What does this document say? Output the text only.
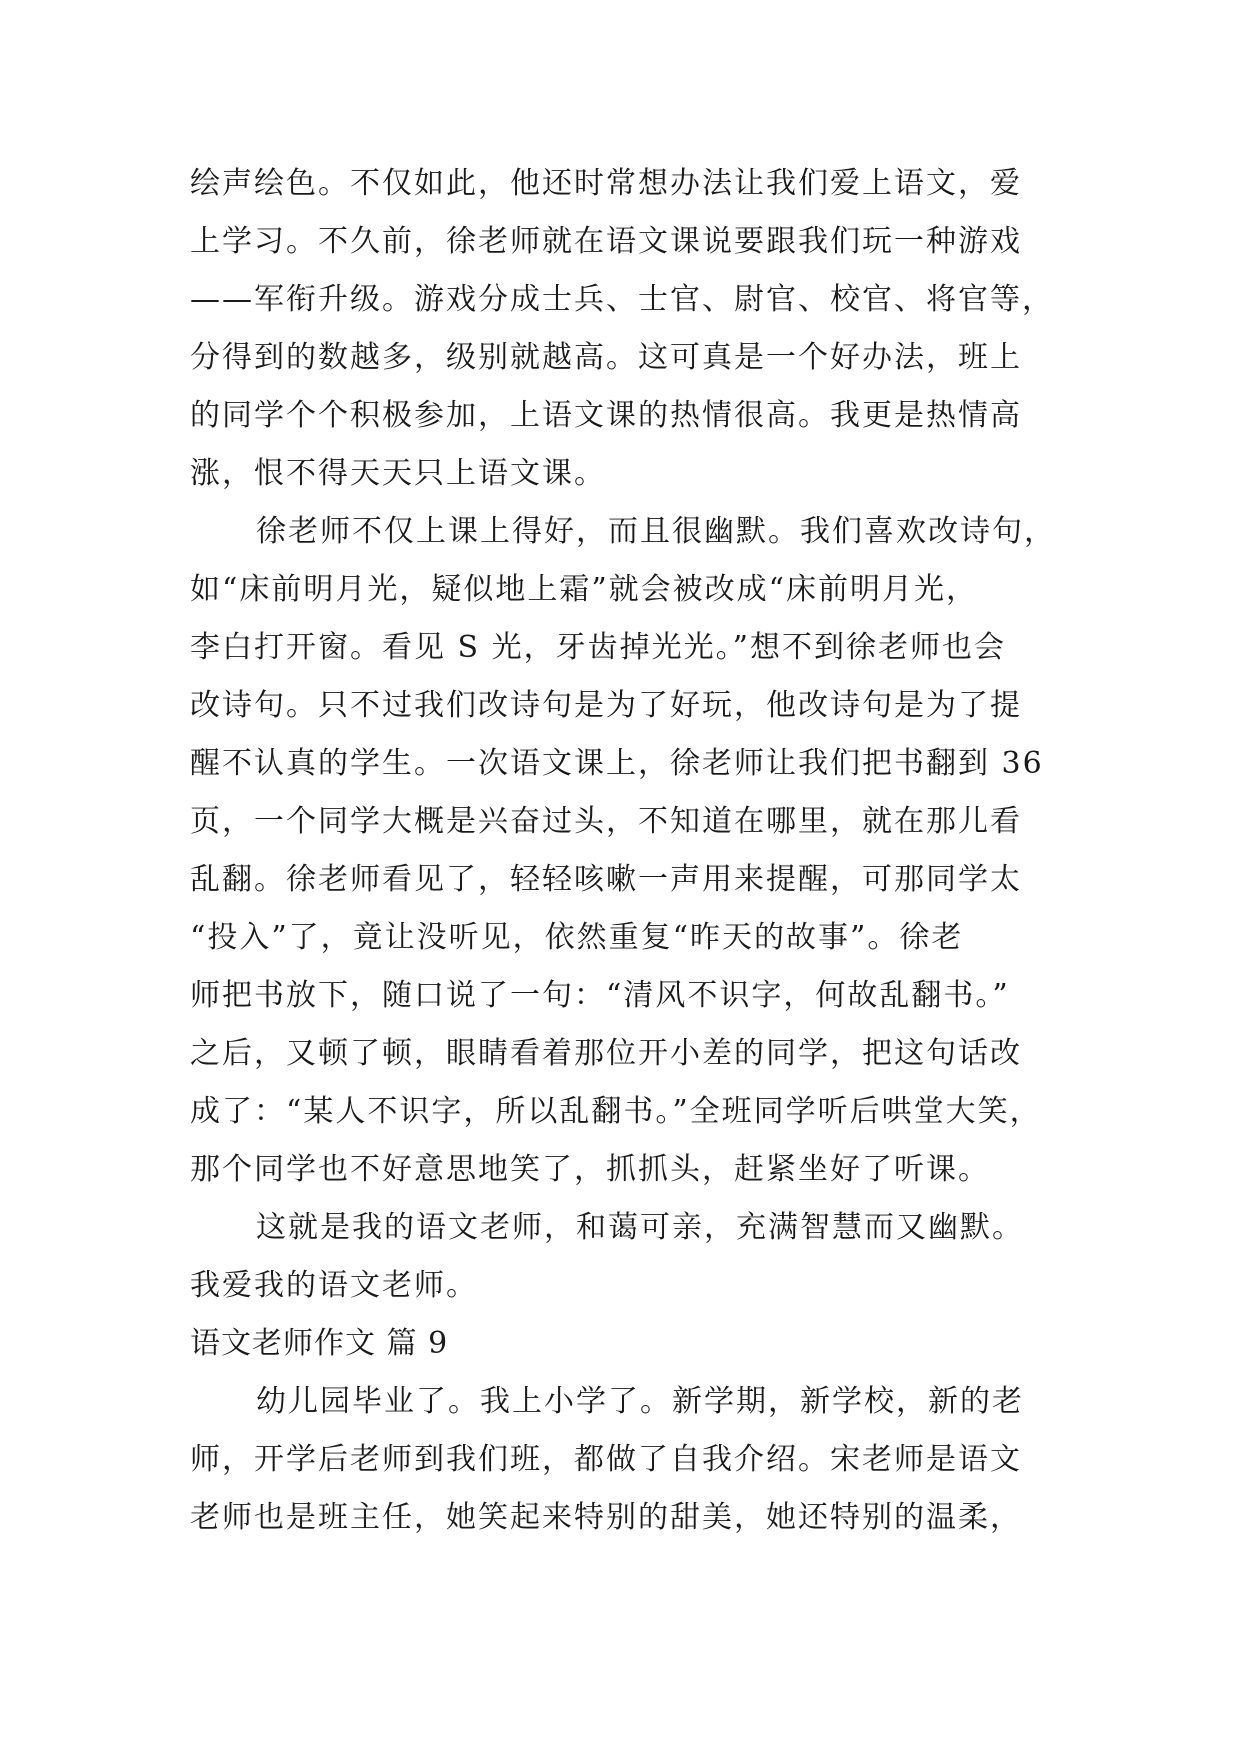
绘声绘色。不仅如此，他还时常想办法让我们爱上语文，爱
上学习。不久前，徐老师就在语文课说要跟我们玩一种游戏
——军衔升级。游戏分成士兵、士官、尉官、校官、将官等，
分得到的数越多，级别就越高。这可真是一个好办法，班上
的同学个个积极参加，上语文课的热情很高。我更是热情高
涨，恨不得天天只上语文课。
徐老师不仅上课上得好，而且很幽默。我们喜欢改诗句，
如“床前明月光，疑似地上霜”就会被改成“床前明月光，
李白打开窗。看见 S 光，牙齿掉光光。”想不到徐老师也会
改诗句。只不过我们改诗句是为了好玩，他改诗句是为了提
醒不认真的学生。一次语文课上，徐老师让我们把书翻到 36
页，一个同学大概是兴奋过头，不知道在哪里，就在那儿看
乱翻。徐老师看见了，轻轻咳嗽一声用来提醒，可那同学太
“投入”了，竟让没听见，依然重复“昨天的故事”。徐老
师把书放下，随口说了一句：“清风不识字，何故乱翻书。”
之后，又顿了顿，眼睛看着那位开小差的同学，把这句话改
成了：“某人不识字，所以乱翻书。”全班同学听后哄堂大笑，
那个同学也不好意思地笑了，抓抓头，赶紧坐好了听课。
这就是我的语文老师，和蔼可亲，充满智慧而又幽默。
我爱我的语文老师。
语文老师作文 篇 9
幼儿园毕业了。我上小学了。新学期，新学校，新的老
师，开学后老师到我们班，都做了自我介绍。宋老师是语文
老师也是班主任，她笑起来特别的甜美，她还特别的温柔，
